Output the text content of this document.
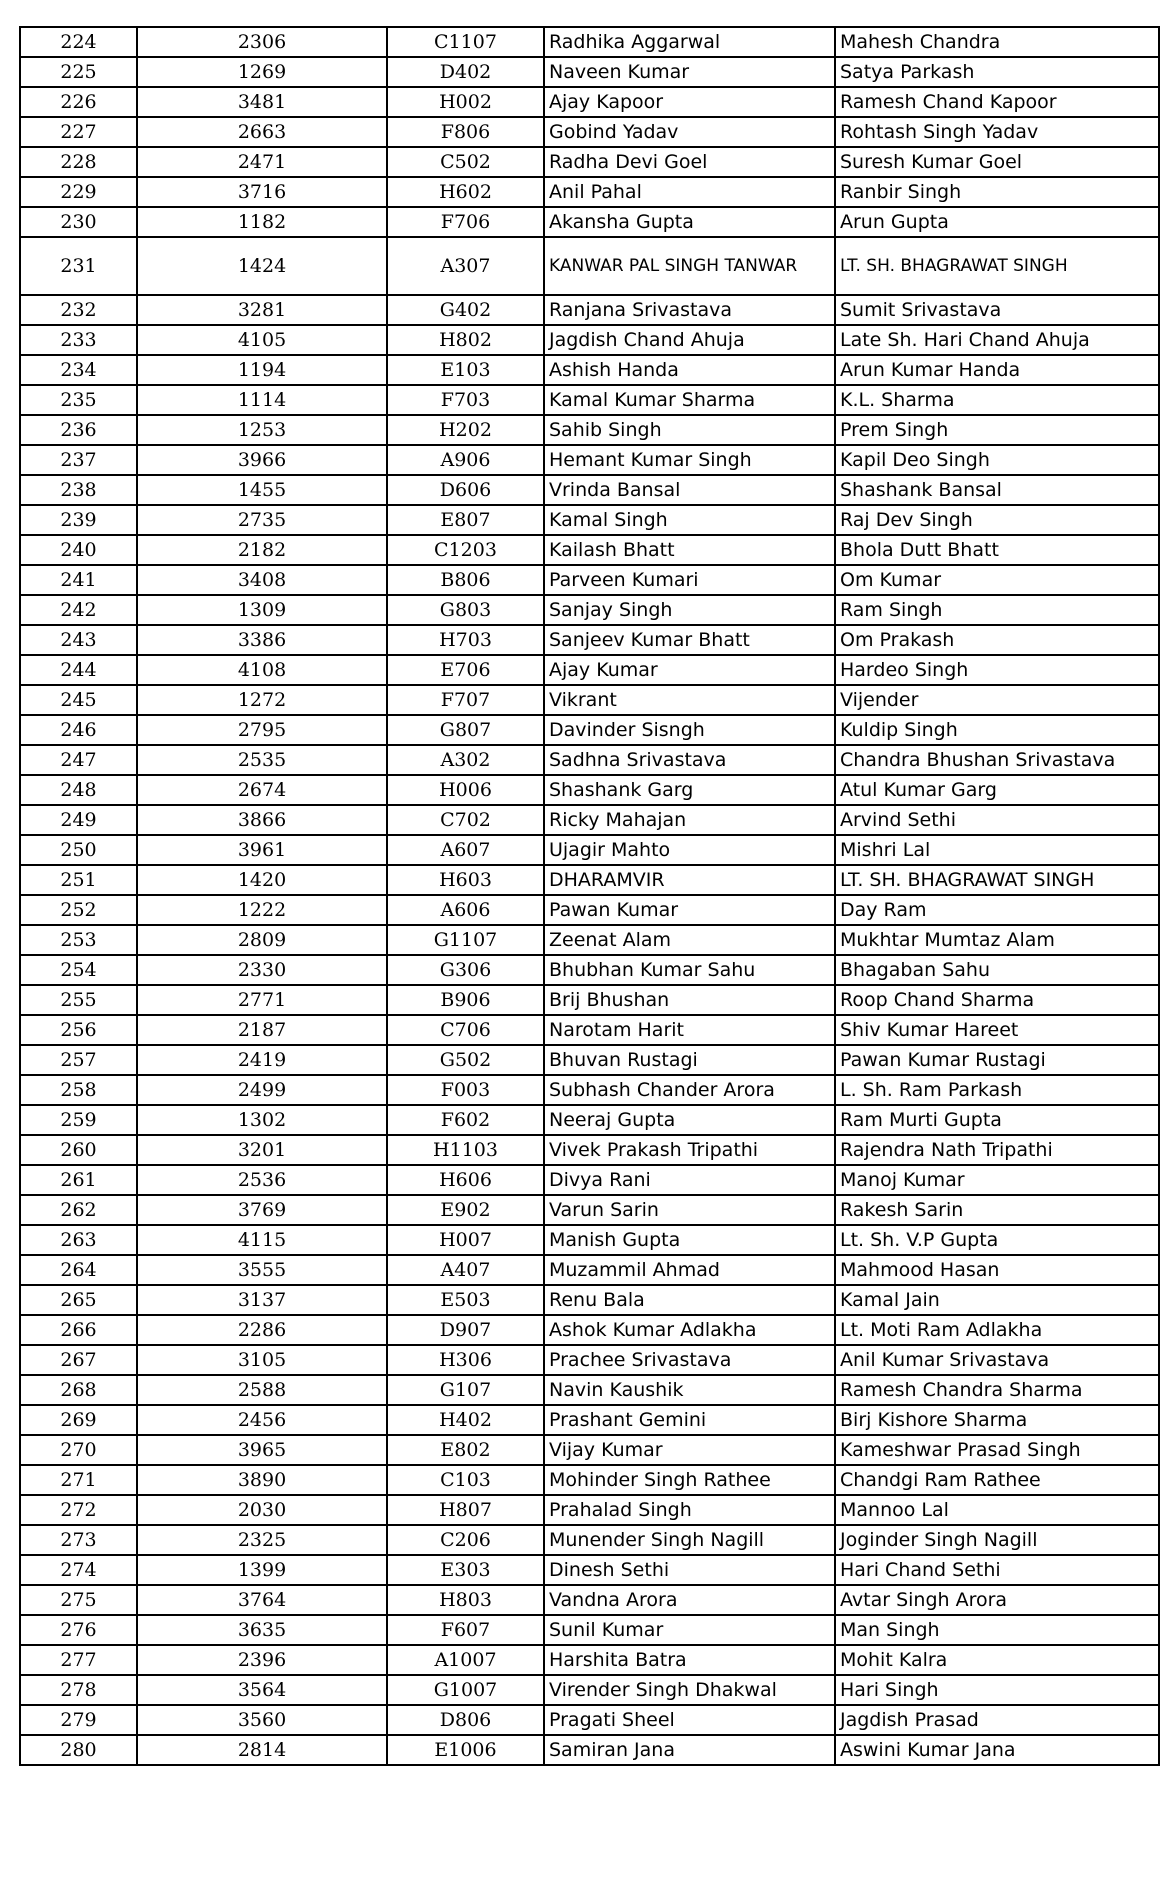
224	2306	C1107	Radhika Aggarwal	Mahesh Chandra
225	1269	D402	Naveen Kumar	Satya Parkash
226	3481	H002	Ajay Kapoor	Ramesh Chand Kapoor
227	2663	F806	Gobind Yadav	Rohtash Singh Yadav
228	2471	C502	Radha Devi Goel	Suresh Kumar Goel
229	3716	H602	Anil Pahal	Ranbir Singh
230	1182	F706	Akansha Gupta	Arun Gupta
231	1424	A307	KANWAR PAL SINGH TANWAR	LT. SH. BHAGRAWAT SINGH
232	3281	G402	Ranjana Srivastava	Sumit Srivastava
233	4105	H802	Jagdish Chand Ahuja	Late Sh. Hari Chand Ahuja
234	1194	E103	Ashish Handa	Arun Kumar Handa
235	1114	F703	Kamal Kumar Sharma	K.L. Sharma
236	1253	H202	Sahib Singh	Prem Singh
237	3966	A906	Hemant Kumar Singh	Kapil Deo Singh
238	1455	D606	Vrinda Bansal	Shashank Bansal
239	2735	E807	Kamal Singh	Raj Dev Singh
240	2182	C1203	Kailash Bhatt	Bhola Dutt Bhatt
241	3408	B806	Parveen Kumari	Om Kumar
242	1309	G803	Sanjay Singh	Ram Singh
243	3386	H703	Sanjeev Kumar Bhatt	Om Prakash
244	4108	E706	Ajay Kumar	Hardeo Singh
245	1272	F707	Vikrant	Vijender
246	2795	G807	Davinder Sisngh	Kuldip Singh
247	2535	A302	Sadhna Srivastava	Chandra Bhushan Srivastava
248	2674	H006	Shashank Garg	Atul Kumar Garg
249	3866	C702	Ricky Mahajan	Arvind Sethi
250	3961	A607	Ujagir Mahto	Mishri Lal
251	1420	H603	DHARAMVIR	LT. SH. BHAGRAWAT SINGH
252	1222	A606	Pawan Kumar	Day Ram
253	2809	G1107	Zeenat Alam	Mukhtar Mumtaz Alam
254	2330	G306	Bhubhan Kumar Sahu	Bhagaban Sahu
255	2771	B906	Brij Bhushan	Roop Chand Sharma
256	2187	C706	Narotam Harit	Shiv Kumar Hareet
257	2419	G502	Bhuvan Rustagi	Pawan Kumar Rustagi
258	2499	F003	Subhash Chander Arora	L. Sh. Ram Parkash
259	1302	F602	Neeraj Gupta	Ram Murti Gupta
260	3201	H1103	Vivek Prakash Tripathi	Rajendra Nath Tripathi
261	2536	H606	Divya Rani	Manoj Kumar
262	3769	E902	Varun Sarin	Rakesh Sarin
263	4115	H007	Manish Gupta	Lt. Sh. V.P Gupta
264	3555	A407	Muzammil Ahmad	Mahmood Hasan
265	3137	E503	Renu Bala	Kamal Jain
266	2286	D907	Ashok Kumar Adlakha	Lt. Moti Ram Adlakha
267	3105	H306	Prachee Srivastava	Anil Kumar Srivastava
268	2588	G107	Navin Kaushik	Ramesh Chandra Sharma
269	2456	H402	Prashant Gemini	Birj Kishore Sharma
270	3965	E802	Vijay Kumar	Kameshwar Prasad Singh
271	3890	C103	Mohinder Singh Rathee	Chandgi Ram Rathee
272	2030	H807	Prahalad Singh	Mannoo Lal
273	2325	C206	Munender Singh Nagill	Joginder Singh Nagill
274	1399	E303	Dinesh Sethi	Hari Chand Sethi
275	3764	H803	Vandna Arora	Avtar Singh Arora
276	3635	F607	Sunil Kumar	Man Singh
277	2396	A1007	Harshita Batra	Mohit Kalra
278	3564	G1007	Virender Singh Dhakwal	Hari Singh
279	3560	D806	Pragati Sheel	Jagdish Prasad
280	2814	E1006	Samiran Jana	Aswini Kumar Jana
